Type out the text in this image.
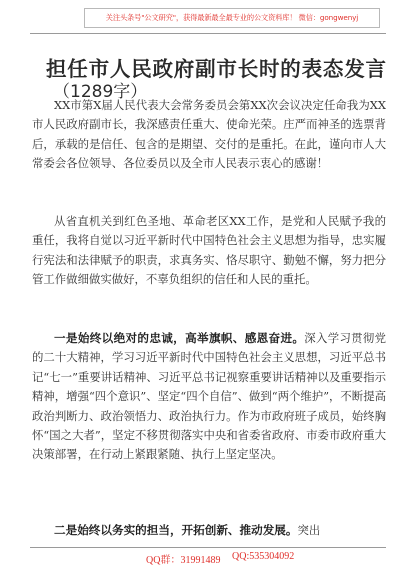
关注头条号"公文研究"，获得最新最全最专业的公文资料库！ 微信：gongwenyj
担任市人民政府副市长时的表态发言
（1289字）

XX市第X届人民代表大会常务委员会第XX次会议决定任命我为XX市人民政府副市长，我深感责任重大、使命光荣。庄严而神圣的选票背后，承载的是信任、包含的是期望、交付的是重托。在此，谨向市人大常委会各位领导、各位委员以及全市人民表示衷心的感谢！

从省直机关到红色圣地、革命老区XX工作，是党和人民赋予我的重任，我将自觉以习近平新时代中国特色社会主义思想为指导，忠实履行宪法和法律赋予的职责，求真务实、恪尽职守、勤勉不懈，努力把分管工作做细做实做好，不辜负组织的信任和人民的重托。

一是始终以绝对的忠诚，高举旗帜、感恩奋进。深入学习贯彻党的二十大精神，学习习近平新时代中国特色社会主义思想，习近平总书记“七一”重要讲话精神、习近平总书记视察重要讲话精神以及重要指示精神，增强“四个意识”、坚定“四个自信”、做到“两个维护”，不断提高政治判断力、政治领悟力、政治执行力。作为市政府班子成员，始终胸怀“国之大者”，坚定不移贯彻落实中央和省委省政府、市委市政府重大决策部署，在行动上紧跟紧随、执行上坚定坚决。

二是始终以务实的担当，开拓创新、推动发展。突出

QQ群：31991489 QQ:535304092
